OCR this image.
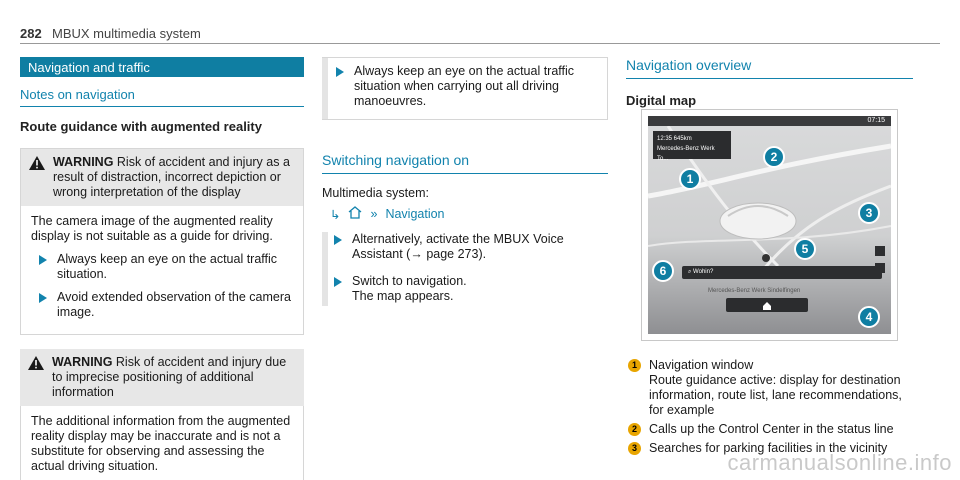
282 MBUX multimedia system
Navigation and traffic
Notes on navigation
Route guidance with augmented reality
WARNING Risk of accident and injury as a result of distraction, incorrect depiction or wrong interpretation of the display

The camera image of the augmented reality display is not suitable as a guide for driving.

Always keep an eye on the actual traffic situation.
Avoid extended observation of the camera image.
WARNING Risk of accident and injury due to imprecise positioning of additional information

The additional information from the augmented reality display may be inaccurate and is not a substitute for observing and assessing the actual driving situation.

Always keep an eye on the actual traffic situation when carrying out all driving manoeuvres.
Switching navigation on
Multimedia system:
↳ » Navigation
Alternatively, activate the MBUX Voice Assistant (→ page 273).
Switch to navigation.
The map appears.
Navigation overview
Digital map
07:15
12:35 645km
Mercedes-Benz Werk To...
⌕ Wohin?
Mercedes-Benz Werk Sindelfingen
1
2
3
4
5
6
1 Navigation window
Route guidance active: display for destination information, route list, lane recommendations, for example
2 Calls up the Control Center in the status line
3 Searches for parking facilities in the vicinity
carmanualsonline.info
